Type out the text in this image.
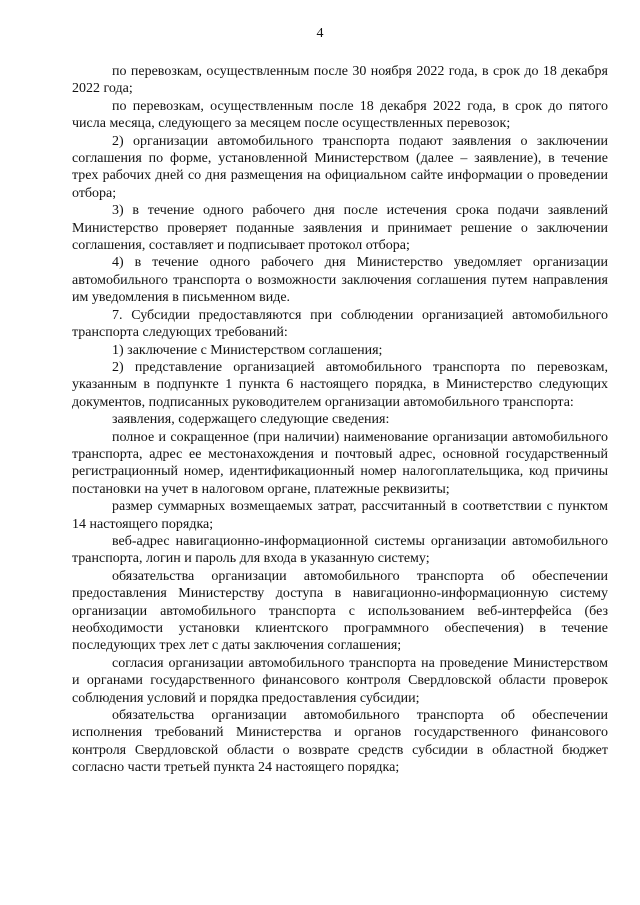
4

по перевозкам, осуществленным после 30 ноября 2022 года, в срок до 18 декабря 2022 года;

по перевозкам, осуществленным после 18 декабря 2022 года, в срок до пятого числа месяца, следующего за месяцем после осуществленных перевозок;

2) организации автомобильного транспорта подают заявления о заключении соглашения по форме, установленной Министерством (далее – заявление), в течение трех рабочих дней со дня размещения на официальном сайте информации о проведении отбора;

3) в течение одного рабочего дня после истечения срока подачи заявлений Министерство проверяет поданные заявления и принимает решение о заключении соглашения, составляет и подписывает протокол отбора;

4) в течение одного рабочего дня Министерство уведомляет организации автомобильного транспорта о возможности заключения соглашения путем направления им уведомления в письменном виде.

7. Субсидии предоставляются при соблюдении организацией автомобильного транспорта следующих требований:

1) заключение с Министерством соглашения;

2) представление организацией автомобильного транспорта по перевозкам, указанным в подпункте 1 пункта 6 настоящего порядка, в Министерство следующих документов, подписанных руководителем организации автомобильного транспорта:

заявления, содержащего следующие сведения:

полное и сокращенное (при наличии) наименование организации автомобильного транспорта, адрес ее местонахождения и почтовый адрес, основной государственный регистрационный номер, идентификационный номер налогоплательщика, код причины постановки на учет в налоговом органе, платежные реквизиты;

размер суммарных возмещаемых затрат, рассчитанный в соответствии с пунктом 14 настоящего порядка;

веб-адрес навигационно-информационной системы организации автомобильного транспорта, логин и пароль для входа в указанную систему;

обязательства организации автомобильного транспорта об обеспечении предоставления Министерству доступа в навигационно-информационную систему организации автомобильного транспорта с использованием веб-интерфейса (без необходимости установки клиентского программного обеспечения) в течение последующих трех лет с даты заключения соглашения;

согласия организации автомобильного транспорта на проведение Министерством и органами государственного финансового контроля Свердловской области проверок соблюдения условий и порядка предоставления субсидии;

обязательства организации автомобильного транспорта об обеспечении исполнения требований Министерства и органов государственного финансового контроля Свердловской области о возврате средств субсидии в областной бюджет согласно части третьей пункта 24 настоящего порядка;
